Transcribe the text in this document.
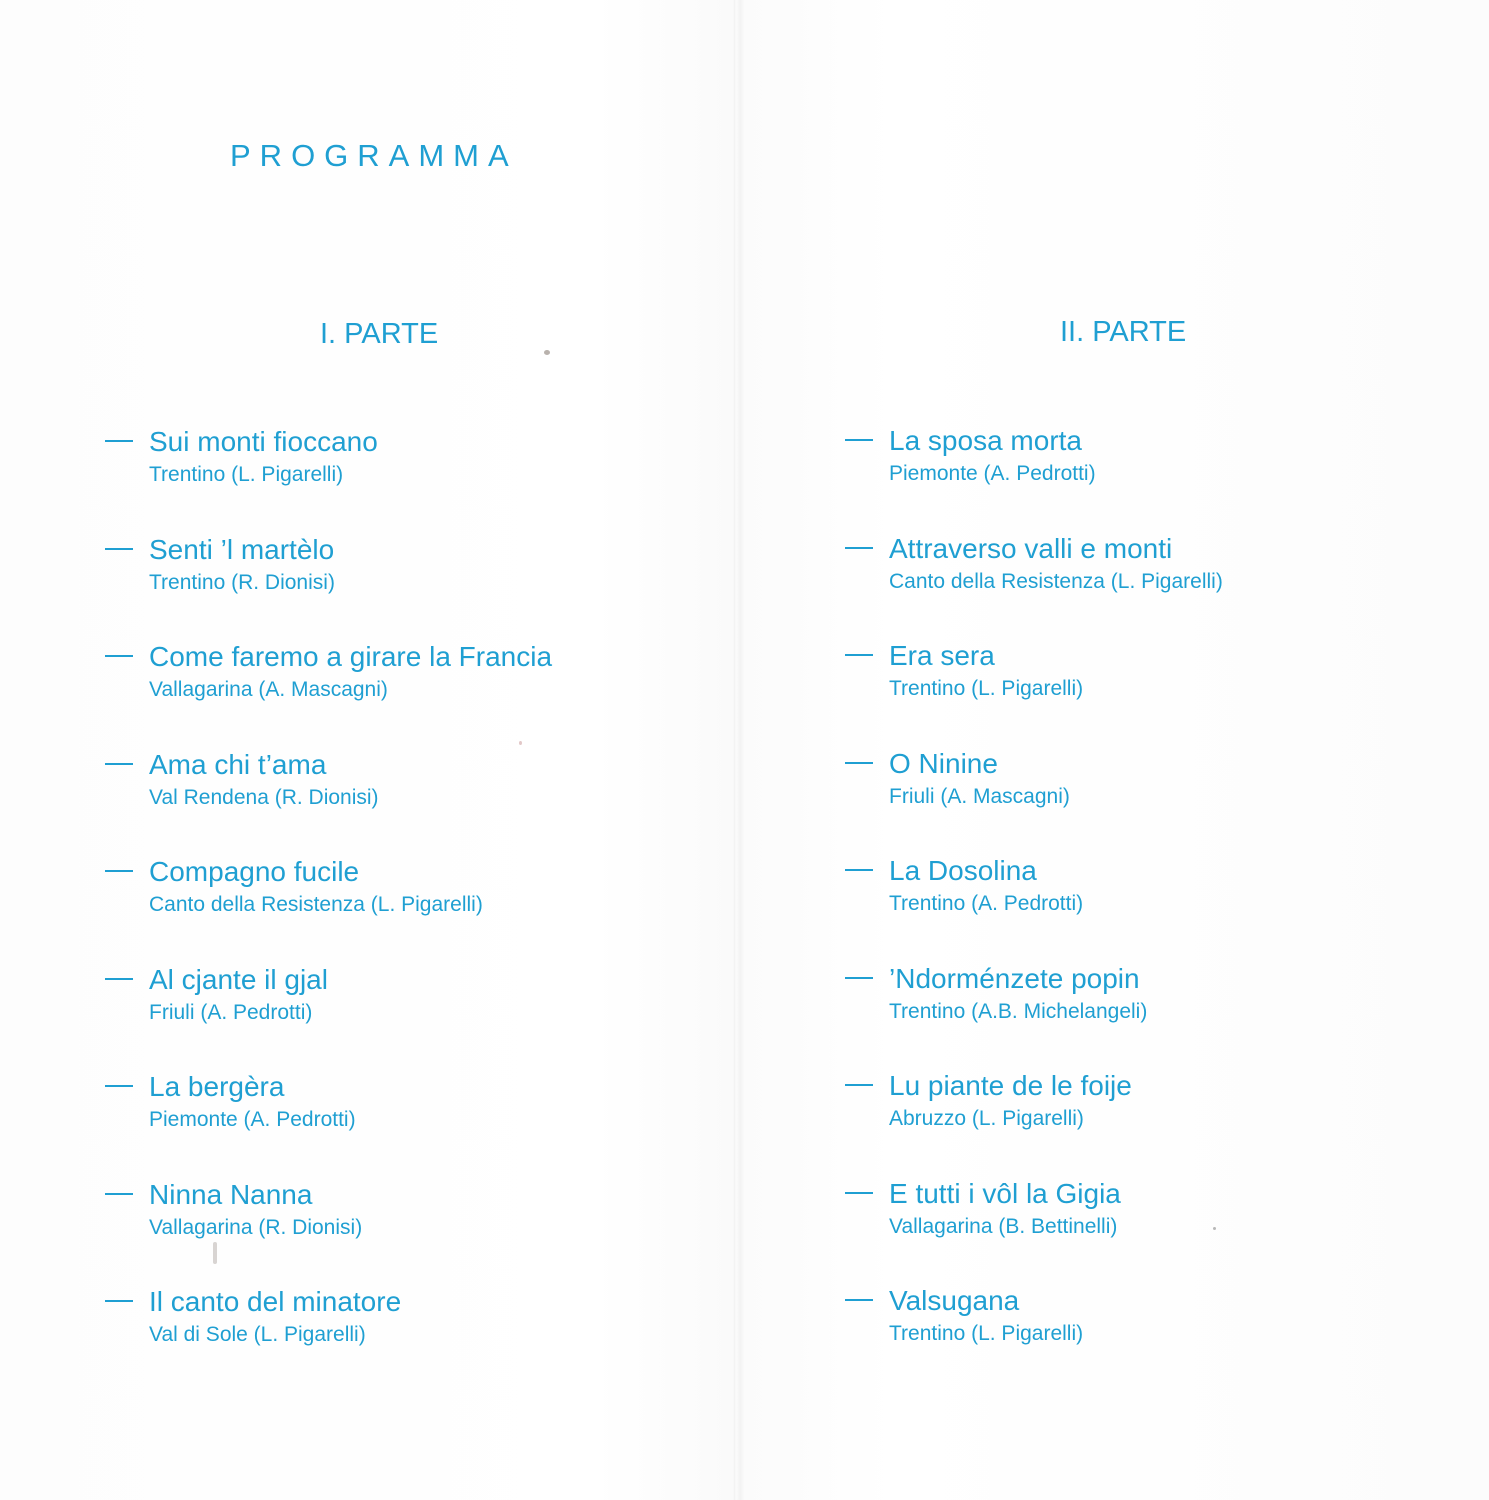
PROGRAMMA
I. PARTE	II. PARTE
Sui monti fioccano
Trentino (L. Pigarelli)
Senti ’l martèlo
Trentino (R. Dionisi)
Come faremo a girare la Francia
Vallagarina (A. Mascagni)
Ama chi t’ama
Val Rendena (R. Dionisi)
Compagno fucile
Canto della Resistenza (L. Pigarelli)
Al cjante il gjal
Friuli (A. Pedrotti)
La bergèra
Piemonte (A. Pedrotti)
Ninna Nanna
Vallagarina (R. Dionisi)
Il canto del minatore
Val di Sole (L. Pigarelli)
La sposa morta
Piemonte (A. Pedrotti)
Attraverso valli e monti
Canto della Resistenza (L. Pigarelli)
Era sera
Trentino (L. Pigarelli)
O Ninine
Friuli (A. Mascagni)
La Dosolina
Trentino (A. Pedrotti)
’Ndorménzete popin
Trentino (A.B. Michelangeli)
Lu piante de le foije
Abruzzo (L. Pigarelli)
E tutti i vôl la Gigia
Vallagarina (B. Bettinelli)
Valsugana
Trentino (L. Pigarelli)
